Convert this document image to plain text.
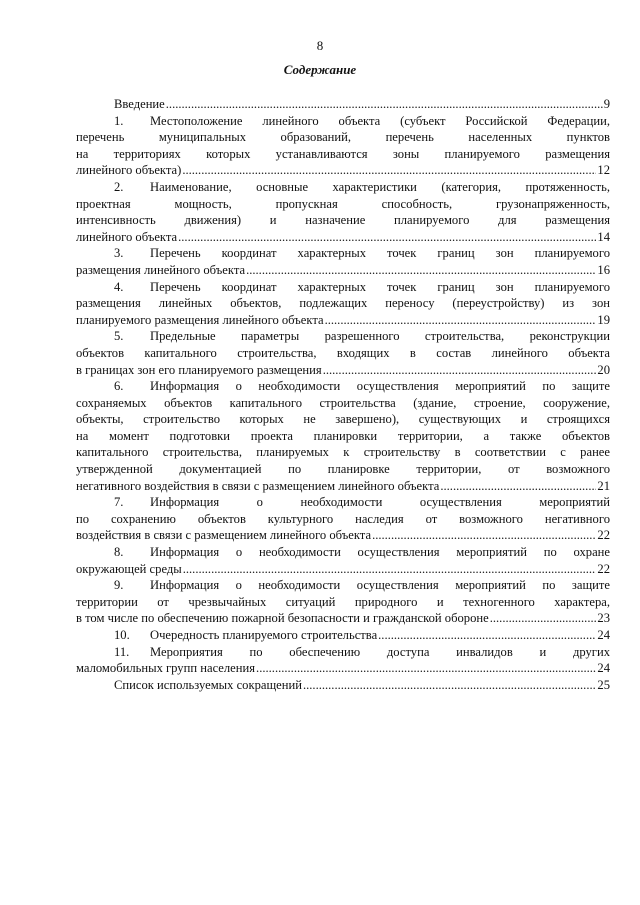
8
Содержание
Введение .....	9
1. Местоположение линейного объекта (субъект Российской Федерации,
перечень муниципальных образований, перечень населенных пунктов
на территориях которых устанавливаются зоны планируемого размещения
линейного объекта) .....	12
2. Наименование, основные характеристики (категория, протяженность,
проектная мощность, пропускная способность, грузонапряженность,
интенсивность движения) и назначение планируемого для размещения
линейного объекта .....	14
3. Перечень координат характерных точек границ зон планируемого
размещения линейного объекта .....	16
4. Перечень координат характерных точек границ зон планируемого
размещения линейных объектов, подлежащих переносу (переустройству) из зон
планируемого размещения линейного объекта .....	19
5. Предельные параметры разрешенного строительства, реконструкции
объектов капитального строительства, входящих в состав линейного объекта
в границах зон его планируемого размещения .....	20
6. Информация о необходимости осуществления мероприятий по защите
сохраняемых объектов капитального строительства (здание, строение, сооружение,
объекты, строительство которых не завершено), существующих и строящихся
на момент подготовки проекта планировки территории, а также объектов
капитального строительства, планируемых к строительству в соответствии с ранее
утвержденной документацией по планировке территории, от возможного
негативного воздействия в связи с размещением линейного объекта .....	21
7. Информация о необходимости осуществления мероприятий
по сохранению объектов культурного наследия от возможного негативного
воздействия в связи с размещением линейного объекта .....	22
8. Информация о необходимости осуществления мероприятий по охране
окружающей среды .....	22
9. Информация о необходимости осуществления мероприятий по защите
территории от чрезвычайных ситуаций природного и техногенного характера,
в том числе по обеспечению пожарной безопасности и гражданской обороне .....	23
10. Очередность планируемого строительства .....	24
11. Мероприятия по обеспечению доступа инвалидов и других
маломобильных групп населения .....	24
Список используемых сокращений .....	25
